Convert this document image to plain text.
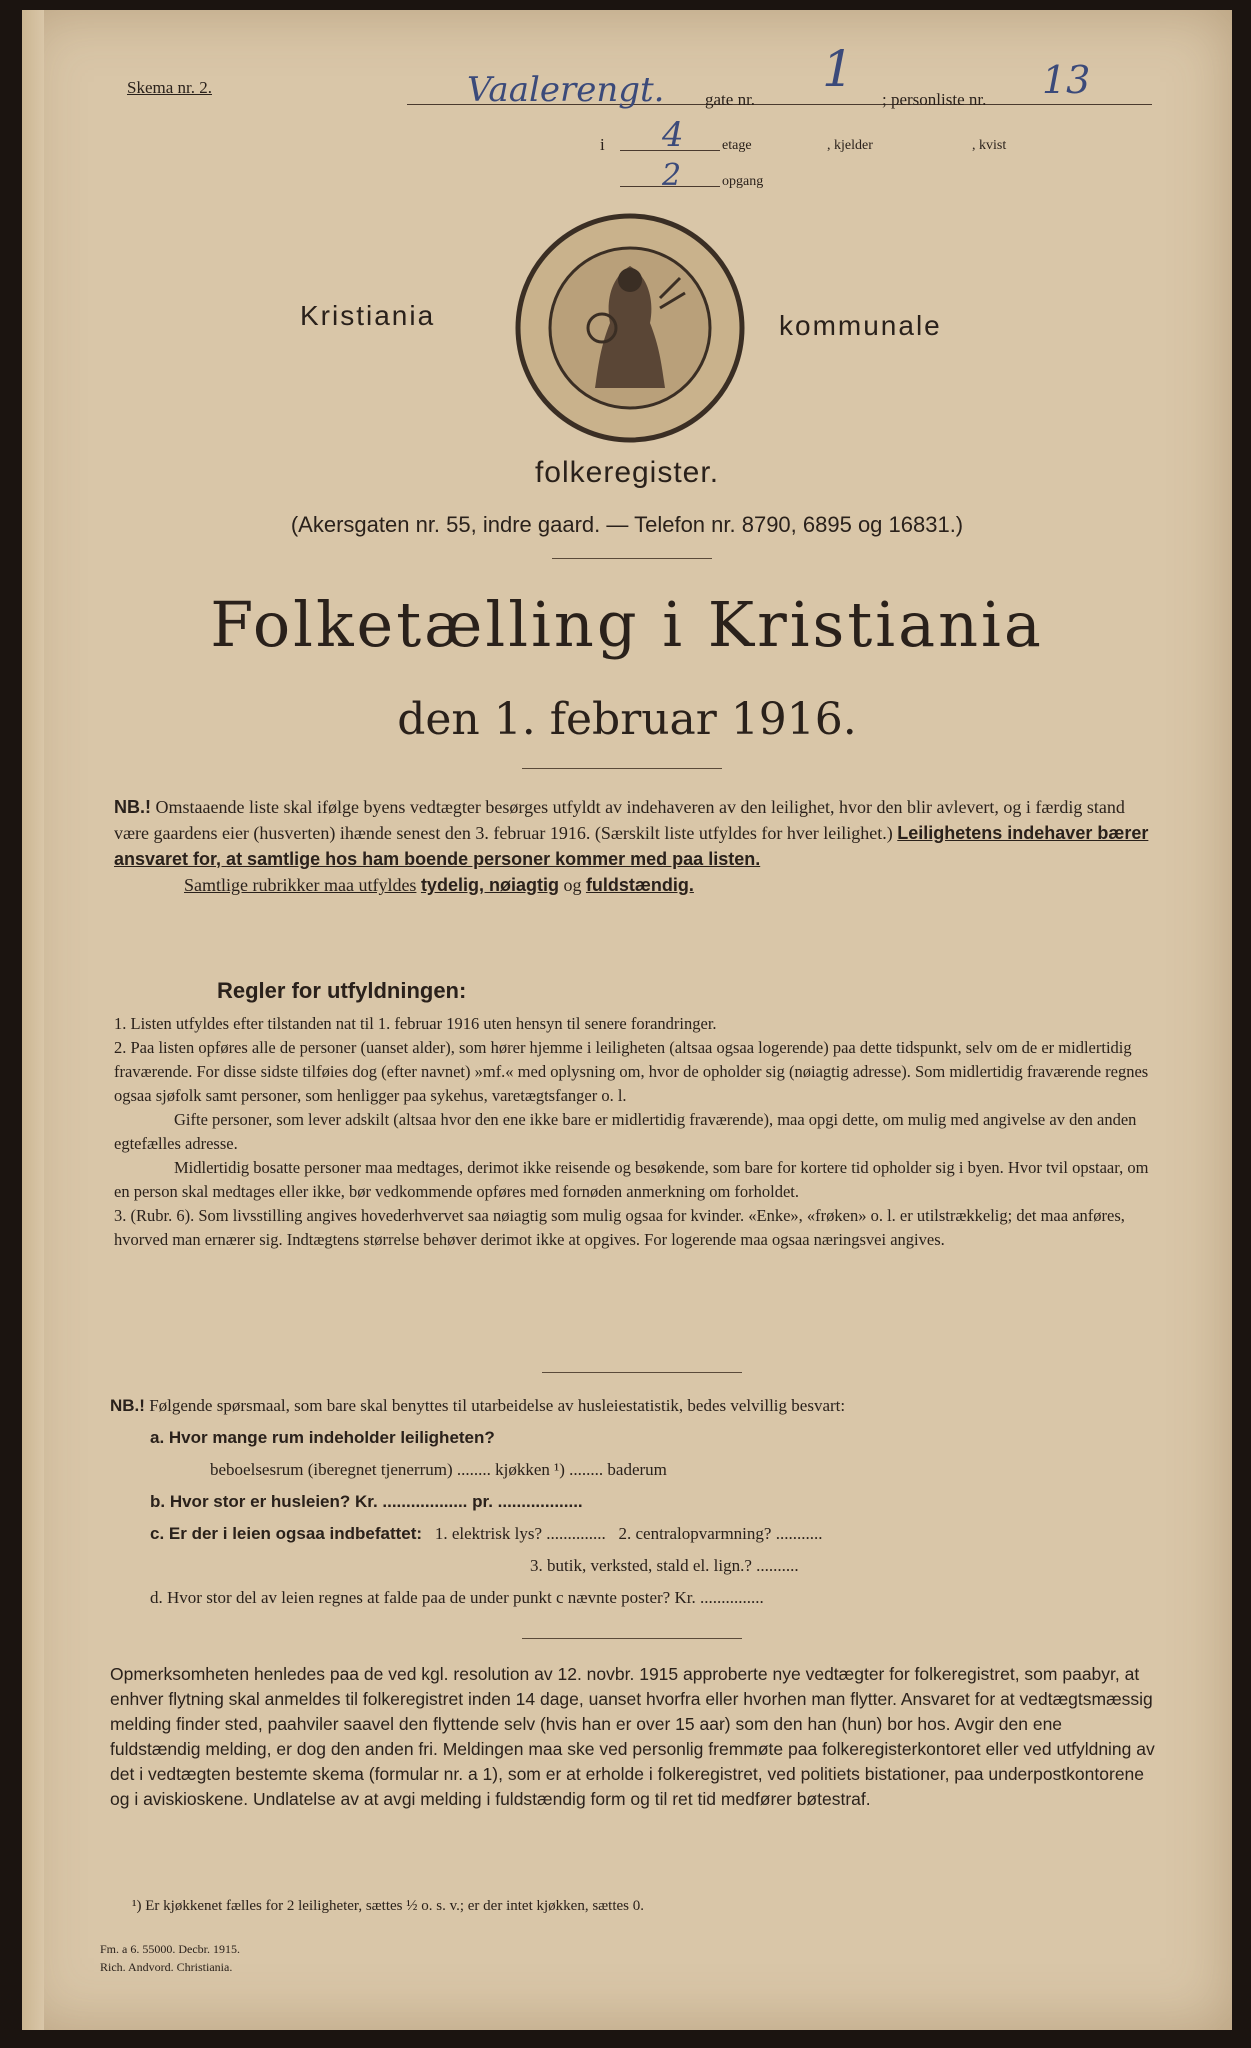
Skema nr. 2.	Vaalerengt. gate nr.
1
; personliste nr. 13
i 4	etage	, kjelder	, kvist
2	opgang
Kristiania	kommunale
folkeregister.
(Akersgaten nr. 55, indre gaard. — Telefon nr. 8790, 6895 og 16831.)
Folketælling i Kristiania
den 1. februar 1916.

NB.! Omstaaende liste skal ifølge byens vedtægter besørges utfyldt av indehaveren av den leilighet, hvor den blir avlevert, og i færdig stand være gaardens eier (husverten) ihænde senest den 3. februar 1916. (Særskilt liste utfyldes for hver leilighet.) Leilighetens indehaver bærer ansvaret for, at samtlige hos ham boende personer kommer med paa listen.

Samtlige rubrikker maa utfyldes tydelig, nøiagtig og fuldstændig.

Regler for utfyldningen:

1. Listen utfyldes efter tilstanden nat til 1. februar 1916 uten hensyn til senere forandringer.

2. Paa listen opføres alle de personer (uanset alder), som hører hjemme i leiligheten (altsaa ogsaa logerende) paa dette tidspunkt, selv om de er midlertidig fraværende. For disse sidste tilføies dog (efter navnet) »mf.« med oplysning om, hvor de opholder sig (nøiagtig adresse). Som midlertidig fraværende regnes ogsaa sjøfolk samt personer, som henligger paa sykehus, varetægtsfanger o. l.

Gifte personer, som lever adskilt (altsaa hvor den ene ikke bare er midlertidig fraværende), maa opgi dette, om mulig med angivelse av den anden egtefælles adresse.

Midlertidig bosatte personer maa medtages, derimot ikke reisende og besøkende, som bare for kortere tid opholder sig i byen. Hvor tvil opstaar, om en person skal medtages eller ikke, bør vedkommende opføres med fornøden anmerkning om forholdet.

3. (Rubr. 6). Som livsstilling angives hovederhvervet saa nøiagtig som mulig ogsaa for kvinder. «Enke», «frøken» o. l. er utilstrækkelig; det maa anføres, hvorved man ernærer sig. Indtægtens størrelse behøver derimot ikke at opgives. For logerende maa ogsaa næringsvei angives.

NB.! Følgende spørsmaal, som bare skal benyttes til utarbeidelse av husleiestatistik, bedes velvillig besvart:

a. Hvor mange rum indeholder leiligheten?

beboelsesrum (iberegnet tjenerrum) ........ kjøkken ¹) ........ baderum

b. Hvor stor er husleien? Kr. .................. pr. ..................

c. Er der i leien ogsaa indbefattet: 1. elektrisk lys? .............. 2. centralopvarmning? ...........

3. butik, verksted, stald el. lign.? ..........

d. Hvor stor del av leien regnes at falde paa de under punkt c nævnte poster? Kr. ...............

Opmerksomheten henledes paa de ved kgl. resolution av 12. novbr. 1915 approberte nye vedtægter for folkeregistret, som paabyr, at enhver flytning skal anmeldes til folkeregistret inden 14 dage, uanset hvorfra eller hvorhen man flytter. Ansvaret for at vedtægtsmæssig melding finder sted, paahviler saavel den flyttende selv (hvis han er over 15 aar) som den han (hun) bor hos. Avgir den ene fuldstændig melding, er dog den anden fri. Meldingen maa ske ved personlig fremmøte paa folkeregisterkontoret eller ved utfyldning av det i vedtægten bestemte skema (formular nr. a 1), som er at erholde i folkeregistret, ved politiets bistationer, paa underpostkontorene og i aviskioskene. Undlatelse av at avgi melding i fuldstændig form og til ret tid medfører bøtestraf.
¹) Er kjøkkenet fælles for 2 leiligheter, sættes ½ o. s. v.; er der intet kjøkken, sættes 0.
Fm. a 6. 55000. Decbr. 1915.
Rich. Andvord. Christiania.
